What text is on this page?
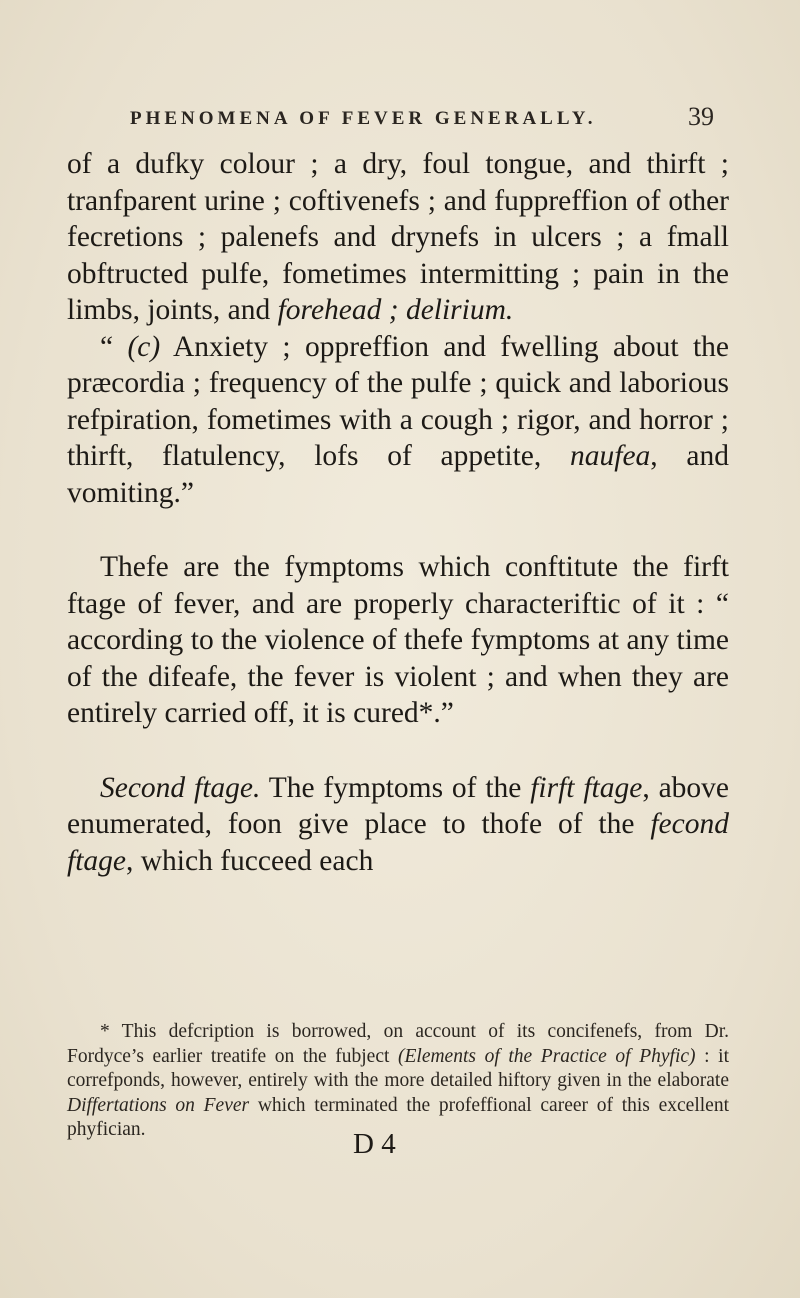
PHENOMENA OF FEVER GENERALLY.	39

of a dufky colour ; a dry, foul tongue, and thirft ; tranfparent urine ; coftivenefs ; and fuppreffion of other fecretions ; palenefs and drynefs in ulcers ; a fmall obftructed pulfe, fometimes intermitting ; pain in the limbs, joints, and forehead ; delirium.

“ (c) Anxiety ; oppreffion and fwelling about the præcordia ; frequency of the pulfe ; quick and laborious refpiration, fometimes with a cough ; rigor, and horror ; thirft, flatulency, lofs of appetite, naufea, and vomiting.”

Thefe are the fymptoms which conftitute the firft ftage of fever, and are properly characteriftic of it : “ according to the violence of thefe fymptoms at any time of the difeafe, the fever is violent ; and when they are entirely carried off, it is cured*.”

Second ftage. The fymptoms of the firft ftage, above enumerated, foon give place to thofe of the fecond ftage, which fucceed each

* This defcription is borrowed, on account of its concifenefs, from Dr. Fordyce’s earlier treatife on the fubject (Elements of the Practice of Phyfic) : it correfponds, however, entirely with the more detailed hiftory given in the elaborate Differtations on Fever which terminated the profeffional career of this excellent phyfician.	D 4
